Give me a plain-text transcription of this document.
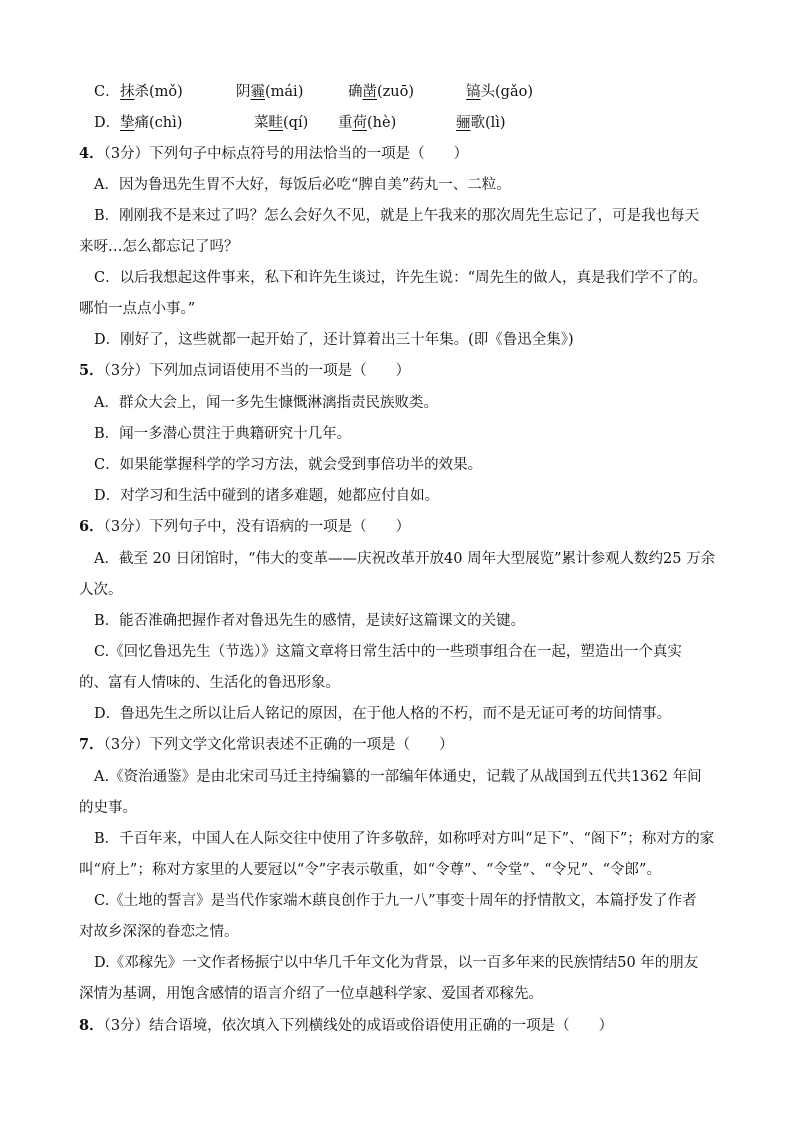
C． 抹杀(mǒ)	阴霾(mái)	确凿(zuō)	镐头(gǎo)
D． 挚痛(chì)	菜畦(qí) 重荷(hè)	骊歌(lì)
4．（3分）下列句子中标点符号的用法恰当的一项是（　　）
A．因为鲁迅先生胃不大好，每饭后必吃“脾自美”药丸一、二粒。
B．刚刚我不是来过了吗？怎么会好久不见，就是上午我来的那次周先生忘记了，可是我也每天
来呀…怎么都忘记了吗？
C．以后我想起这件事来，私下和许先生谈过，许先生说：“周先生的做人，真是我们学不了的。
哪怕一点点小事。”
D．刚好了，这些就都一起开始了，还计算着出三十年集。(即《鲁迅全集》)
5．（3分）下列加点词语使用不当的一项是（　　）
A．群众大会上，闻一多先生慷慨淋漓指责民族败类。
B．闻一多潜心贯注于典籍研究十几年。
C．如果能掌握科学的学习方法，就会受到事倍功半的效果。
D．对学习和生活中碰到的诸多难题，她都应付自如。
6．（3分）下列句子中，没有语病的一项是（　　）
A．截至 20 日闭馆时，“伟大的变革——庆祝改革开放40 周年大型展览”累计参观人数约25 万余
人次。
B．能否准确把握作者对鲁迅先生的感情，是读好这篇课文的关键。
C.《回忆鲁迅先生（节选）》这篇文章将日常生活中的一些琐事组合在一起，塑造出一个真实
的、富有人情味的、生活化的鲁迅形象。
D．鲁迅先生之所以让后人铭记的原因，在于他人格的不朽，而不是无证可考的坊间情事。
7．（3分）下列文学文化常识表述不正确的一项是（　　）
A.《资治通鉴》是由北宋司马迁主持编纂的一部编年体通史，记载了从战国到五代共1362 年间
的史事。
B．千百年来，中国人在人际交往中使用了许多敬辞，如称呼对方叫“足下”、“阁下”；称对方的家
叫“府上”；称对方家里的人要冠以“令”字表示敬重，如“令尊”、“令堂”、“令兄”、“令郎”。
C.《土地的誓言》是当代作家端木蕻良创作于九一八”事变十周年的抒情散文，本篇抒发了作者
对故乡深深的眷恋之情。
D.《邓稼先》一文作者杨振宁以中华几千年文化为背景，以一百多年来的民族情结50 年的朋友
深情为基调，用饱含感情的语言介绍了一位卓越科学家、爱国者邓稼先。
8．（3分）结合语境，依次填入下列横线处的成语或俗语使用正确的一项是（　　）
